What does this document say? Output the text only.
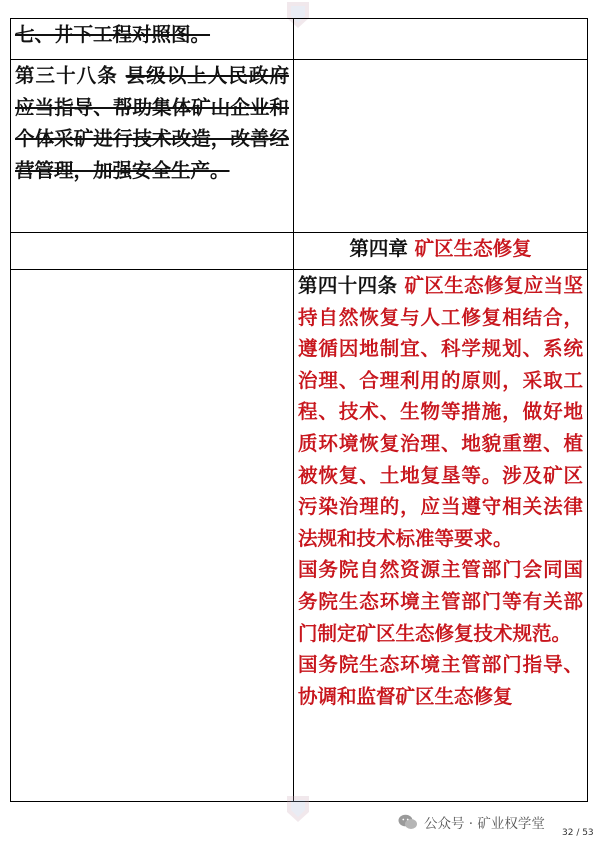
七、井下工程对照图。	

第三十八条 县级以上人民政府应当指导、帮助集体矿山企业和个体采矿进行技术改造，改善经营管理，加强安全生产。	

	第四章 矿区生态修复

	第四十四条 矿区生态修复应当坚持自然恢复与人工修复相结合，遵循因地制宜、科学规划、系统治理、合理利用的原则，采取工程、技术、生物等措施，做好地质环境恢复治理、地貌重塑、植被恢复、土地复垦等。涉及矿区污染治理的，应当遵守相关法律法规和技术标准等要求。

国务院自然资源主管部门会同国务院生态环境主管部门等有关部门制定矿区生态修复技术规范。

国务院生态环境主管部门指导、协调和监督矿区生态修复

公众号 · 矿业权学堂
32 / 53
